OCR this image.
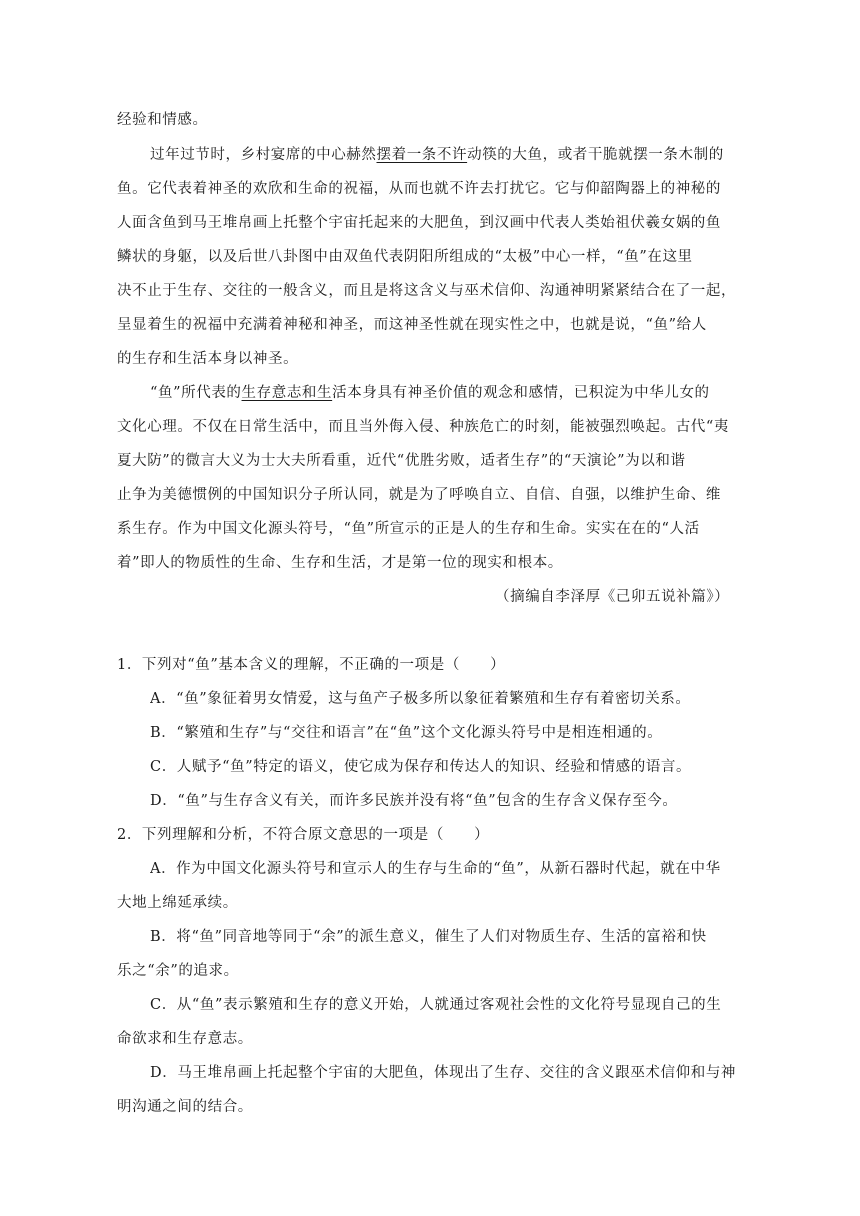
经验和情感。
过年过节时，乡村宴席的中心赫然摆着一条不许动筷的大鱼，或者干脆就摆一条木制的
鱼。它代表着神圣的欢欣和生命的祝福，从而也就不许去打扰它。它与仰韶陶器上的神秘的
人面含鱼到马王堆帛画上托整个宇宙托起来的大肥鱼，到汉画中代表人类始祖伏羲女娲的鱼
鳞状的身躯，以及后世八卦图中由双鱼代表阴阳所组成的“太极”中心一样，“鱼”在这里
决不止于生存、交往的一般含义，而且是将这含义与巫术信仰、沟通神明紧紧结合在了一起，
呈显着生的祝福中充满着神秘和神圣，而这神圣性就在现实性之中，也就是说，“鱼”给人
的生存和生活本身以神圣。
“鱼”所代表的生存意志和生活本身具有神圣价值的观念和感情，已积淀为中华儿女的
文化心理。不仅在日常生活中，而且当外侮入侵、种族危亡的时刻，能被强烈唤起。古代“夷
夏大防”的微言大义为士大夫所看重，近代“优胜劣败，适者生存”的“天演论”为以和谐
止争为美德惯例的中国知识分子所认同，就是为了呼唤自立、自信、自强，以维护生命、维
系生存。作为中国文化源头符号，“鱼”所宣示的正是人的生存和生命。实实在在的“人活
着”即人的物质性的生命、生存和生活，才是第一位的现实和根本。
（摘编自李泽厚《己卯五说补篇》）
1．下列对“鱼”基本含义的理解，不正确的一项是（　　）
A．“鱼”象征着男女情爱，这与鱼产子极多所以象征着繁殖和生存有着密切关系。
B．“繁殖和生存”与“交往和语言”在“鱼”这个文化源头符号中是相连相通的。
C．人赋予“鱼”特定的语义，使它成为保存和传达人的知识、经验和情感的语言。
D．“鱼”与生存含义有关，而许多民族并没有将“鱼”包含的生存含义保存至今。
2．下列理解和分析，不符合原文意思的一项是（　　）
A．作为中国文化源头符号和宣示人的生存与生命的“鱼”，从新石器时代起，就在中华
大地上绵延承续。
B．将“鱼”同音地等同于“余”的派生意义，催生了人们对物质生存、生活的富裕和快
乐之“余”的追求。
C．从“鱼”表示繁殖和生存的意义开始，人就通过客观社会性的文化符号显现自己的生
命欲求和生存意志。
D．马王堆帛画上托起整个宇宙的大肥鱼，体现出了生存、交往的含义跟巫术信仰和与神
明沟通之间的结合。
